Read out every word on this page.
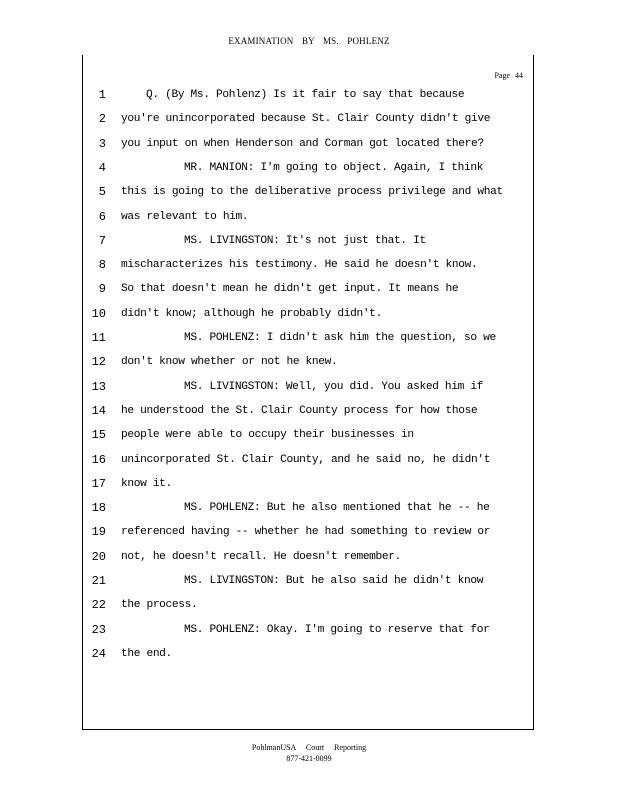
EXAMINATION BY MS. POHLENZ
Page 44
1	Q. (By Ms. Pohlenz) Is it fair to say that because
2 you're unincorporated because St. Clair County didn't give
3 you input on when Henderson and Corman got located there?
4	MR. MANION: I'm going to object. Again, I think
5 this is going to the deliberative process privilege and what
6 was relevant to him.
7	MS. LIVINGSTON: It's not just that. It
8 mischaracterizes his testimony. He said he doesn't know.
9 So that doesn't mean he didn't get input. It means he
10 didn't know; although he probably didn't.
11	MS. POHLENZ: I didn't ask him the question, so we
12 don't know whether or not he knew.
13	MS. LIVINGSTON: Well, you did. You asked him if
14 he understood the St. Clair County process for how those
15 people were able to occupy their businesses in
16 unincorporated St. Clair County, and he said no, he didn't
17 know it.
18	MS. POHLENZ: But he also mentioned that he -- he
19 referenced having -- whether he had something to review or
20 not, he doesn't recall. He doesn't remember.
21	MS. LIVINGSTON: But he also said he didn't know
22 the process.
23	MS. POHLENZ: Okay. I'm going to reserve that for
24 the end.
PohlmanUSA Court Reporting
877-421-0099
